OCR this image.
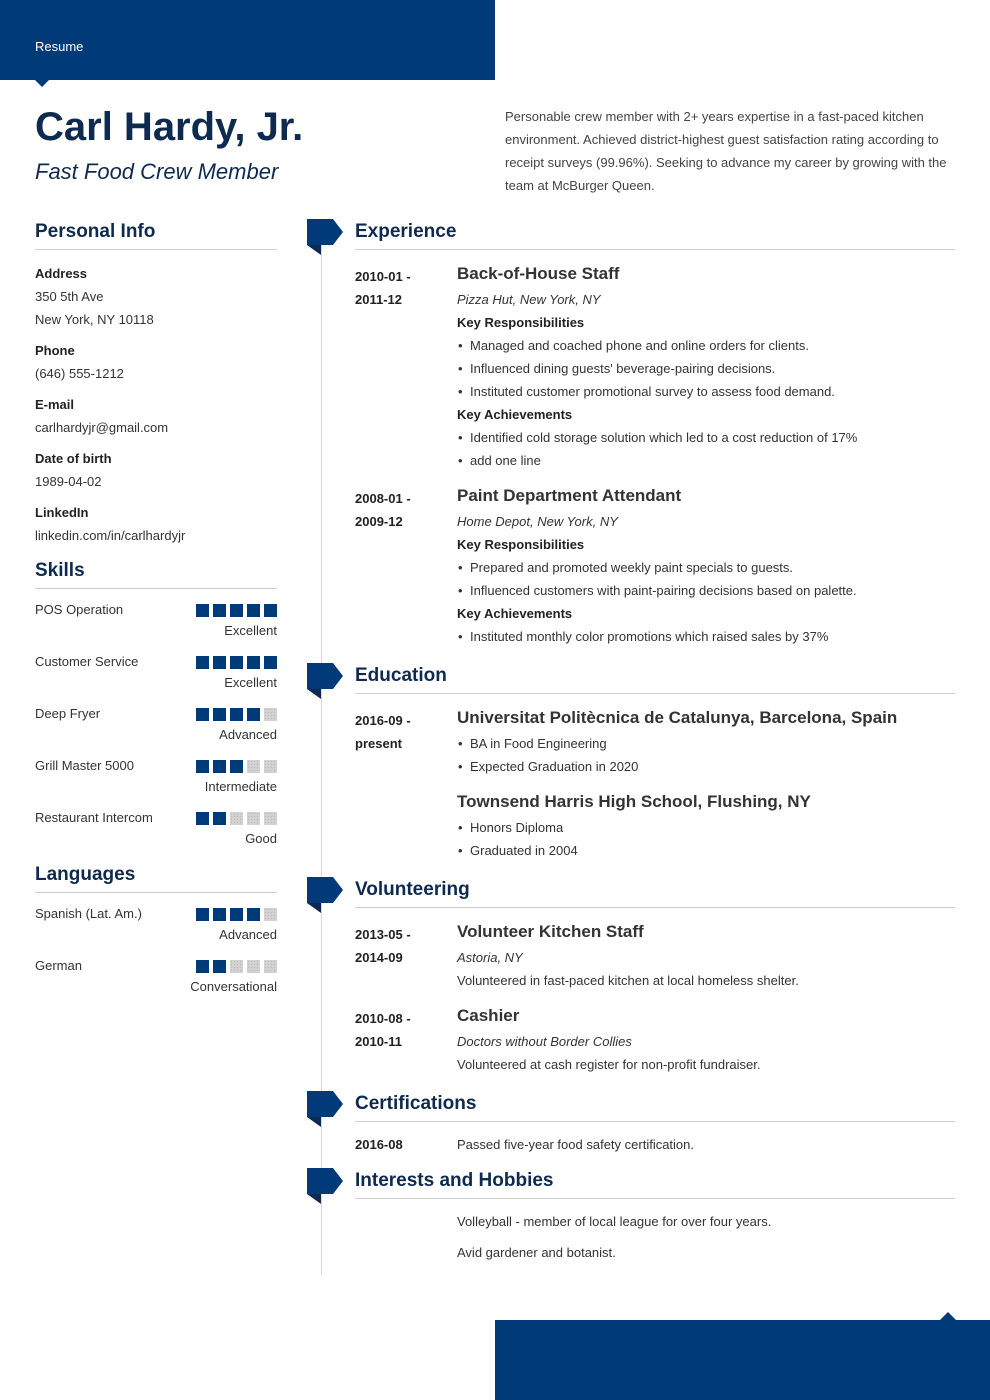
Resume
Carl Hardy, Jr.
Fast Food Crew Member
Personable crew member with 2+ years expertise in a fast-paced kitchen environment. Achieved district-highest guest satisfaction rating according to receipt surveys (99.96%). Seeking to advance my career by growing with the team at McBurger Queen.
Personal Info
Address
350 5th Ave
New York, NY 10118
Phone
(646) 555-1212
E-mail
carlhardyjr@gmail.com
Date of birth
1989-04-02
LinkedIn
linkedin.com/in/carlhardyjr
Skills
POS Operation
Excellent
Customer Service
Excellent
Deep Fryer
Advanced
Grill Master 5000
Intermediate
Restaurant Intercom
Good
Languages
Spanish (Lat. Am.)
Advanced
German
Conversational
Experience
2010-01 -
2011-12
Back-of-House Staff
Pizza Hut, New York, NY
Key Responsibilities
• Managed and coached phone and online orders for clients.
• Influenced dining guests' beverage-pairing decisions.
• Instituted customer promotional survey to assess food demand.
Key Achievements
• Identified cold storage solution which led to a cost reduction of 17%
• add one line
2008-01 -
2009-12
Paint Department Attendant
Home Depot, New York, NY
Key Responsibilities
• Prepared and promoted weekly paint specials to guests.
• Influenced customers with paint-pairing decisions based on palette.
Key Achievements
• Instituted monthly color promotions which raised sales by 37%
Education
2016-09 -
present
Universitat Politècnica de Catalunya, Barcelona, Spain
• BA in Food Engineering
• Expected Graduation in 2020
Townsend Harris High School, Flushing, NY
• Honors Diploma
• Graduated in 2004
Volunteering
2013-05 -
2014-09
Volunteer Kitchen Staff
Astoria, NY
Volunteered in fast-paced kitchen at local homeless shelter.
2010-08 -
2010-11
Cashier
Doctors without Border Collies
Volunteered at cash register for non-profit fundraiser.
Certifications
2016-08	Passed five-year food safety certification.
Interests and Hobbies
Volleyball - member of local league for over four years.
Avid gardener and botanist.
